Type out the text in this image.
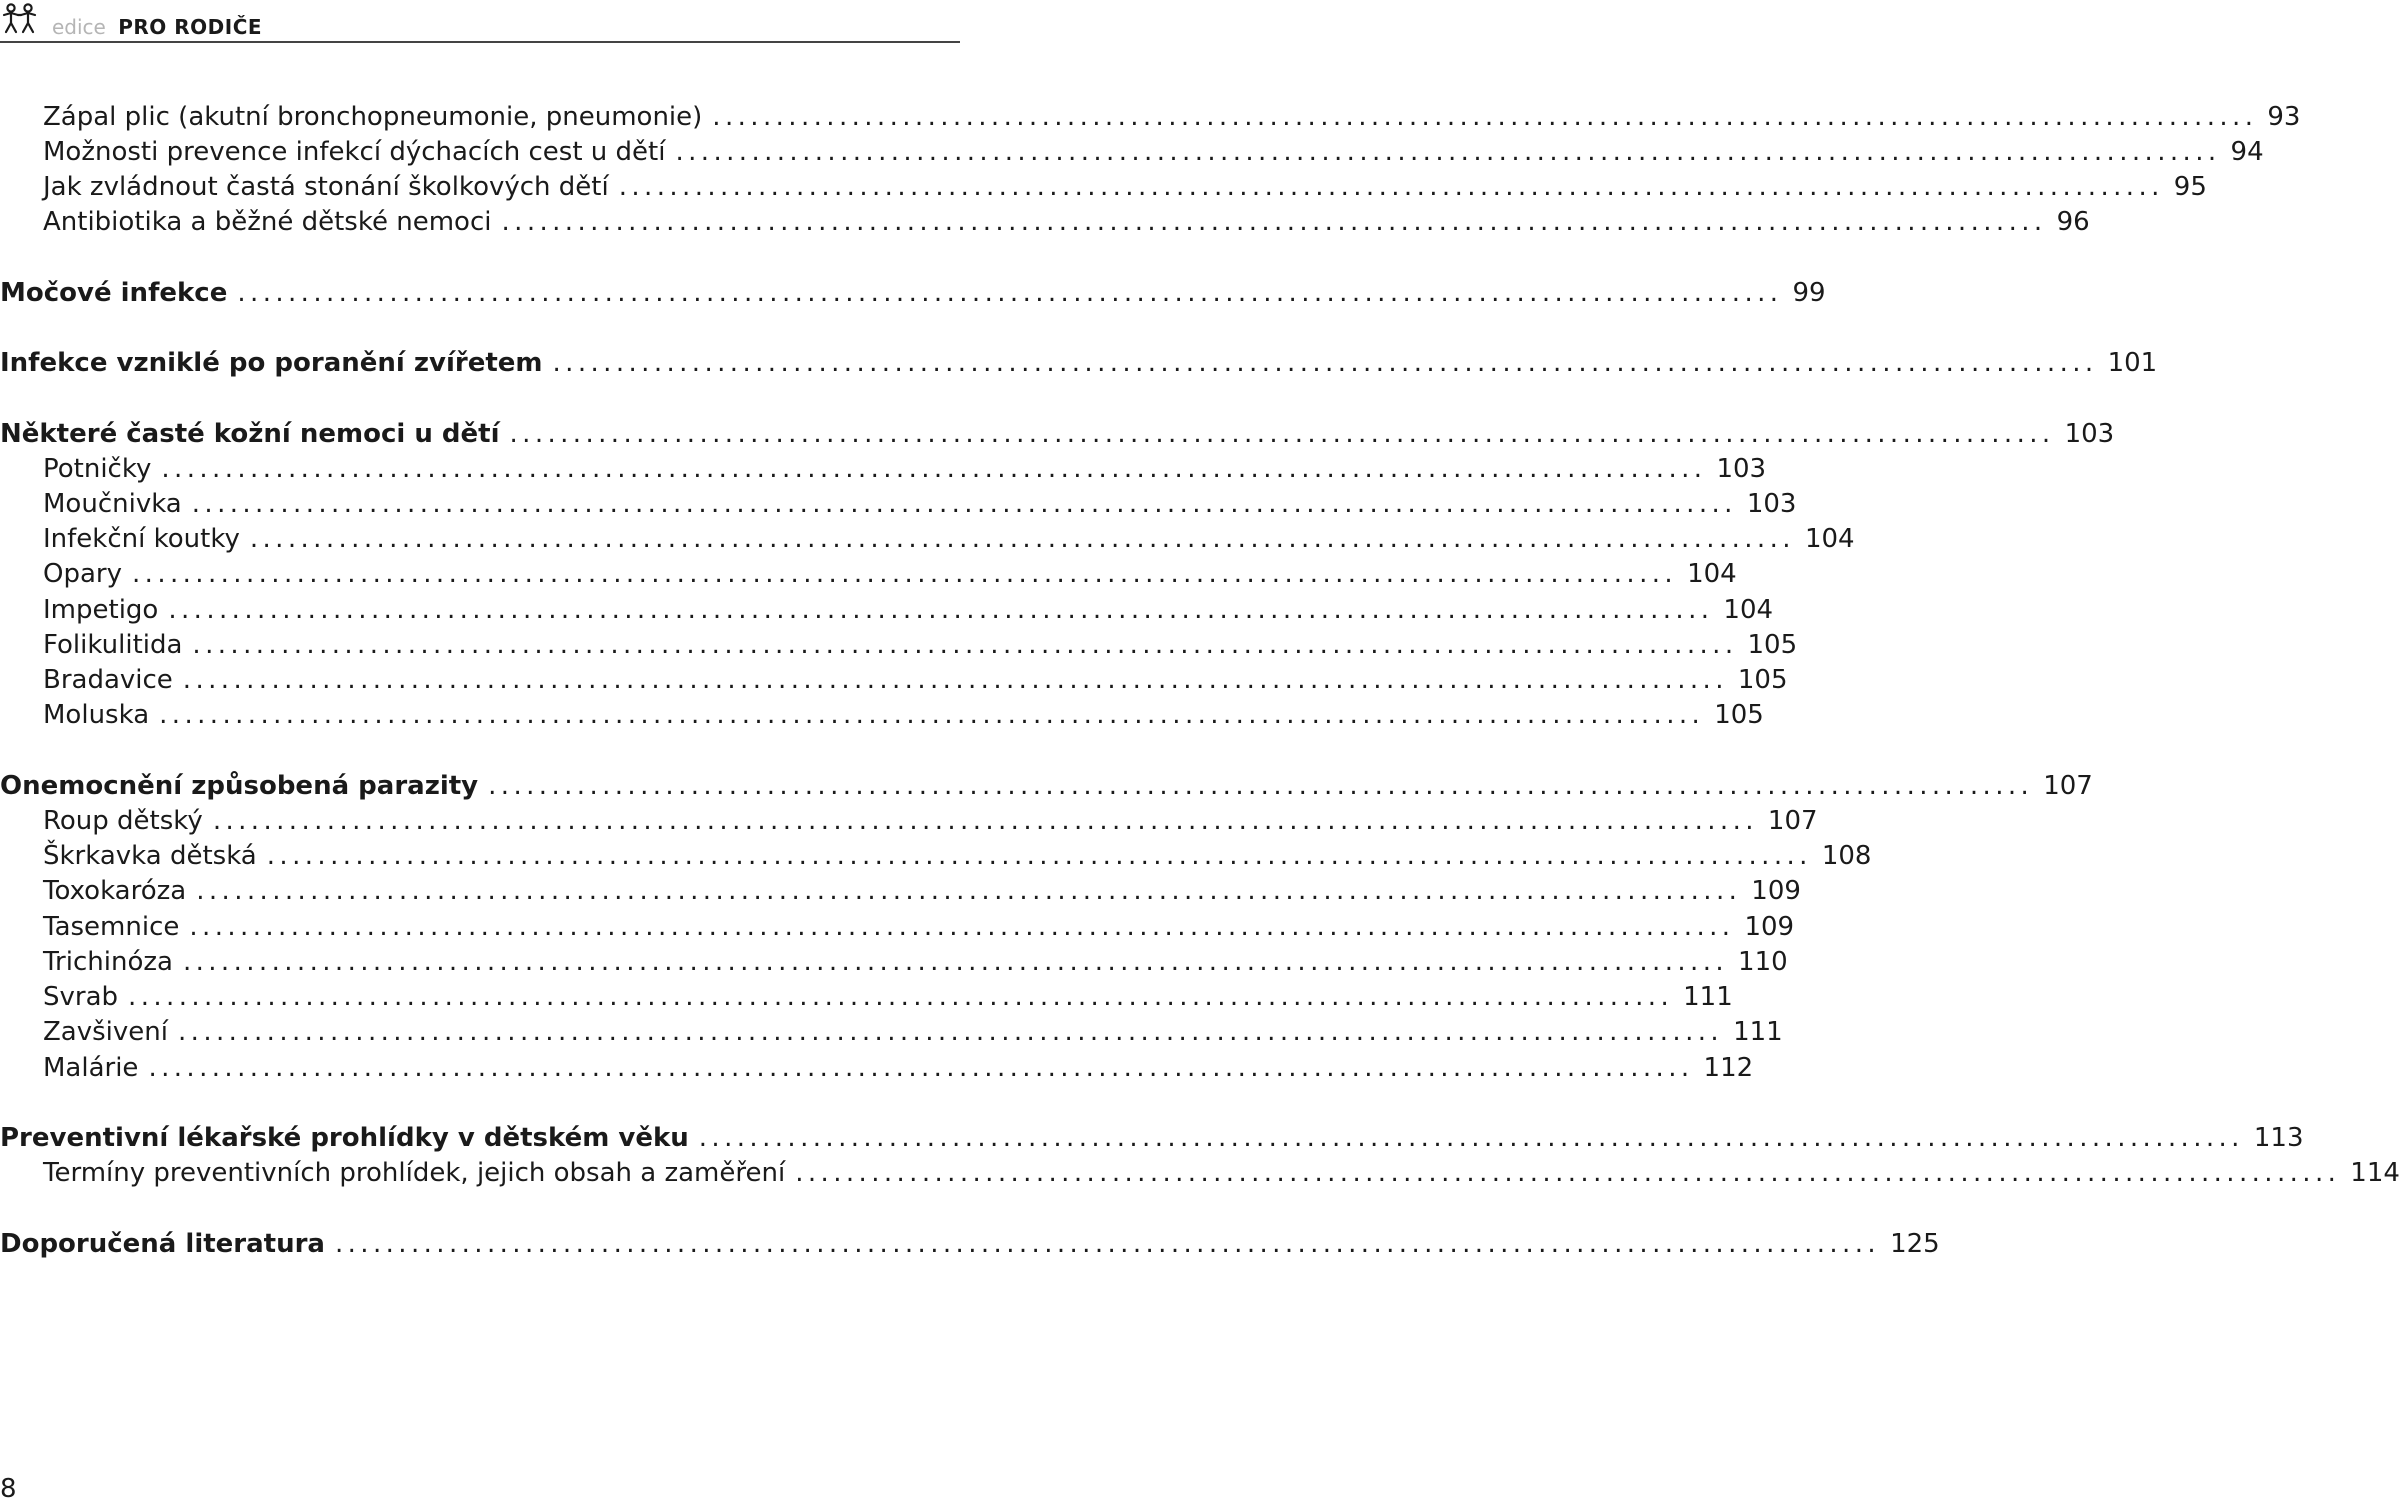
edice PRO RODIČE
Zápal plic (akutní bronchopneumonie, pneumonie) .......................................................................................................................... 93
Možnosti prevence infekcí dýchacích cest u dětí .......................................................................................................................... 94
Jak zvládnout častá stonání školkových dětí .......................................................................................................................... 95
Antibiotika a běžné dětské nemoci .......................................................................................................................... 96
Močové infekce .......................................................................................................................... 99
Infekce vzniklé po poranění zvířetem .......................................................................................................................... 101
Některé časté kožní nemoci u dětí .......................................................................................................................... 103
Potničky .......................................................................................................................... 103
Moučnivka .......................................................................................................................... 103
Infekční koutky .......................................................................................................................... 104
Opary .......................................................................................................................... 104
Impetigo .......................................................................................................................... 104
Folikulitida .......................................................................................................................... 105
Bradavice .......................................................................................................................... 105
Moluska .......................................................................................................................... 105
Onemocnění způsobená parazity .......................................................................................................................... 107
Roup dětský .......................................................................................................................... 107
Škrkavka dětská .......................................................................................................................... 108
Toxokaróza .......................................................................................................................... 109
Tasemnice .......................................................................................................................... 109
Trichinóza .......................................................................................................................... 110
Svrab .......................................................................................................................... 111
Zavšivení .......................................................................................................................... 111
Malárie .......................................................................................................................... 112
Preventivní lékařské prohlídky v dětském věku .......................................................................................................................... 113
Termíny preventivních prohlídek, jejich obsah a zaměření .......................................................................................................................... 114
Doporučená literatura .......................................................................................................................... 125
8
